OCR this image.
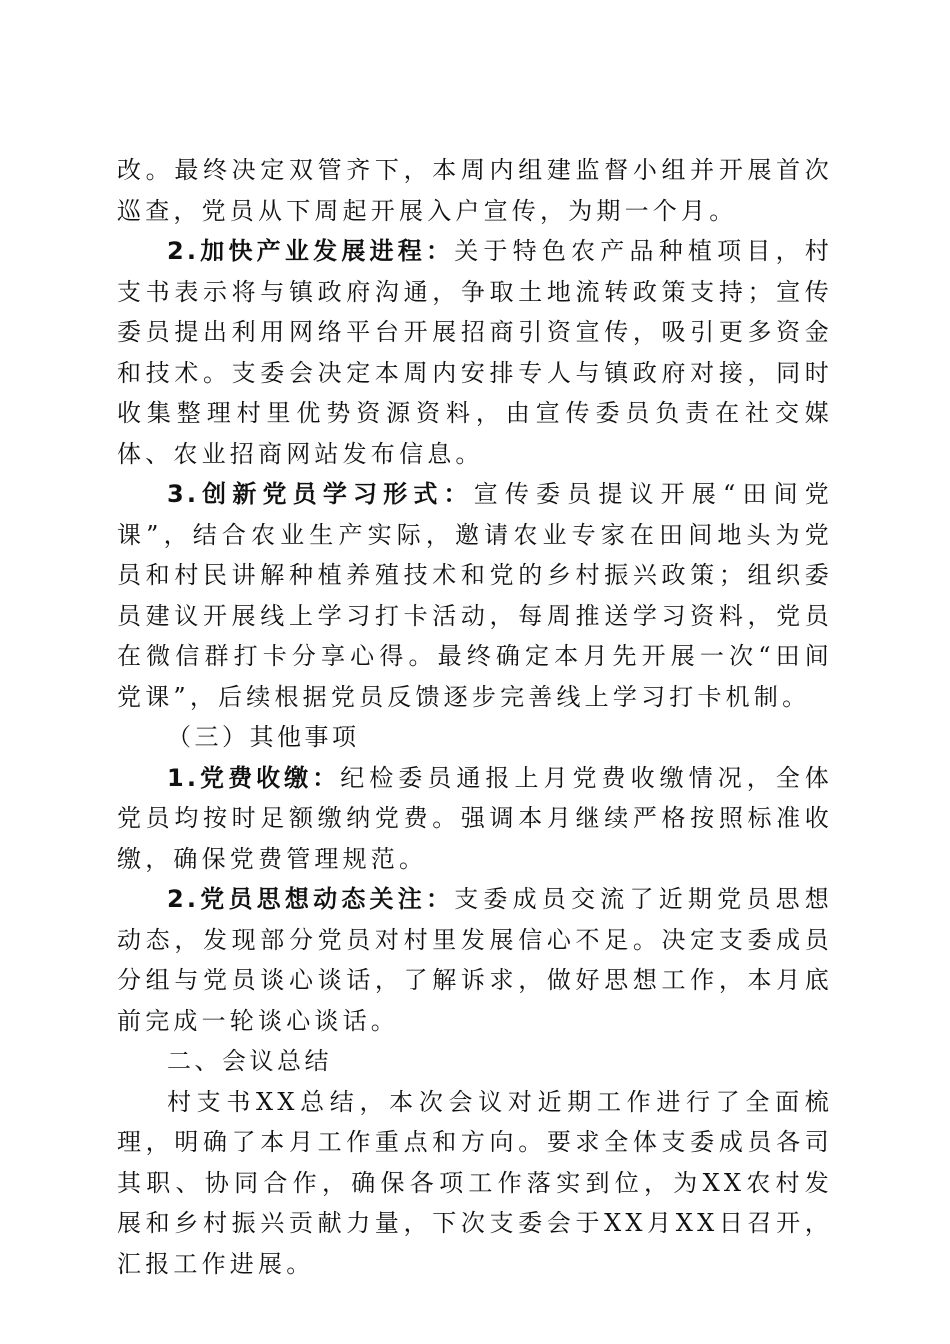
改。最终决定双管齐下，本周内组建监督小组并开展首次巡查，党员从下周起开展入户宣传，为期一个月。

2.加快产业发展进程：关于特色农产品种植项目，村支书表示将与镇政府沟通，争取土地流转政策支持；宣传委员提出利用网络平台开展招商引资宣传，吸引更多资金和技术。支委会决定本周内安排专人与镇政府对接，同时收集整理村里优势资源资料，由宣传委员负责在社交媒体、农业招商网站发布信息。

3.创新党员学习形式：宣传委员提议开展“田间党课”，结合农业生产实际，邀请农业专家在田间地头为党员和村民讲解种植养殖技术和党的乡村振兴政策；组织委员建议开展线上学习打卡活动，每周推送学习资料，党员在微信群打卡分享心得。最终确定本月先开展一次“田间党课”，后续根据党员反馈逐步完善线上学习打卡机制。

（三）其他事项

1.党费收缴：纪检委员通报上月党费收缴情况，全体党员均按时足额缴纳党费。强调本月继续严格按照标准收缴，确保党费管理规范。

2.党员思想动态关注：支委成员交流了近期党员思想动态，发现部分党员对村里发展信心不足。决定支委成员分组与党员谈心谈话，了解诉求，做好思想工作，本月底前完成一轮谈心谈话。

二、会议总结

村支书XX总结，本次会议对近期工作进行了全面梳理，明确了本月工作重点和方向。要求全体支委成员各司其职、协同合作，确保各项工作落实到位，为XX农村发展和乡村振兴贡献力量，下次支委会于XX月XX日召开，汇报工作进展。
